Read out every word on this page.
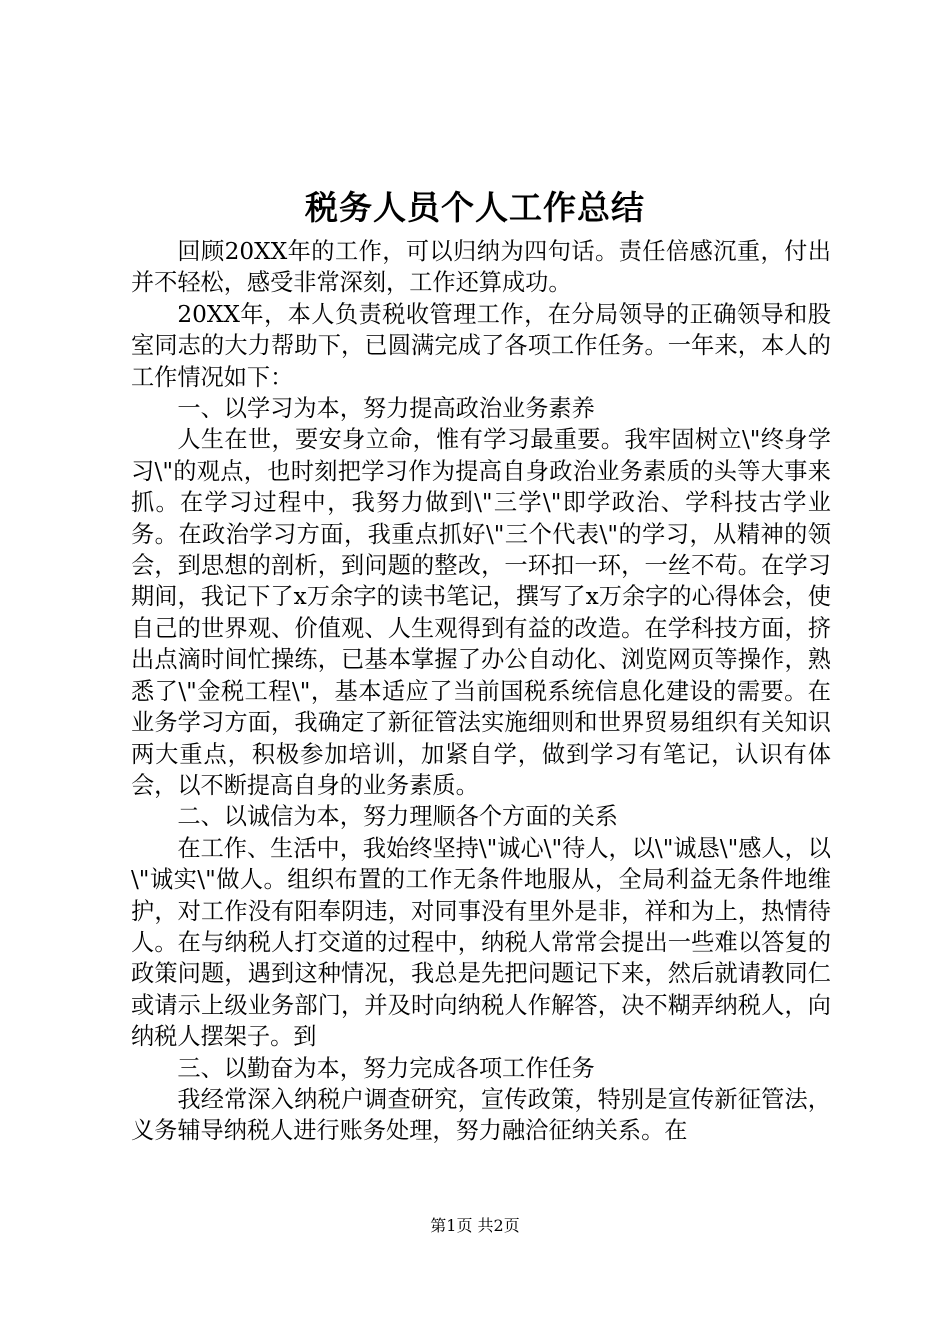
税务人员个人工作总结

回顾20XX年的工作，可以归纳为四句话。责任倍感沉重，付出并不轻松，感受非常深刻，工作还算成功。

20XX年，本人负责税收管理工作，在分局领导的正确领导和股室同志的大力帮助下，已圆满完成了各项工作任务。一年来，本人的工作情况如下：

一、以学习为本，努力提高政治业务素养

人生在世，要安身立命，惟有学习最重要。我牢固树立\"终身学习\"的观点，也时刻把学习作为提高自身政治业务素质的头等大事来抓。在学习过程中，我努力做到\"三学\"即学政治、学科技古学业务。在政治学习方面，我重点抓好\"三个代表\"的学习，从精神的领会，到思想的剖析，到问题的整改，一环扣一环，一丝不苟。在学习期间，我记下了x万余字的读书笔记，撰写了x万余字的心得体会，使自己的世界观、价值观、人生观得到有益的改造。在学科技方面，挤出点滴时间忙操练，已基本掌握了办公自动化、浏览网页等操作，熟悉了\"金税工程\"，基本适应了当前国税系统信息化建设的需要。在业务学习方面，我确定了新征管法实施细则和世界贸易组织有关知识两大重点，积极参加培训，加紧自学，做到学习有笔记，认识有体会，以不断提高自身的业务素质。

二、以诚信为本，努力理顺各个方面的关系

在工作、生活中，我始终坚持\"诚心\"待人，以\"诚恳\"感人，以\"诚实\"做人。组织布置的工作无条件地服从，全局利益无条件地维护，对工作没有阳奉阴违，对同事没有里外是非，祥和为上，热情待人。在与纳税人打交道的过程中，纳税人常常会提出一些难以答复的政策问题，遇到这种情况，我总是先把问题记下来，然后就请教同仁或请示上级业务部门，并及时向纳税人作解答，决不糊弄纳税人，向纳税人摆架子。到

三、以勤奋为本，努力完成各项工作任务

我经常深入纳税户调查研究，宣传政策，特别是宣传新征管法，义务辅导纳税人进行账务处理，努力融洽征纳关系。在

第1页 共2页
